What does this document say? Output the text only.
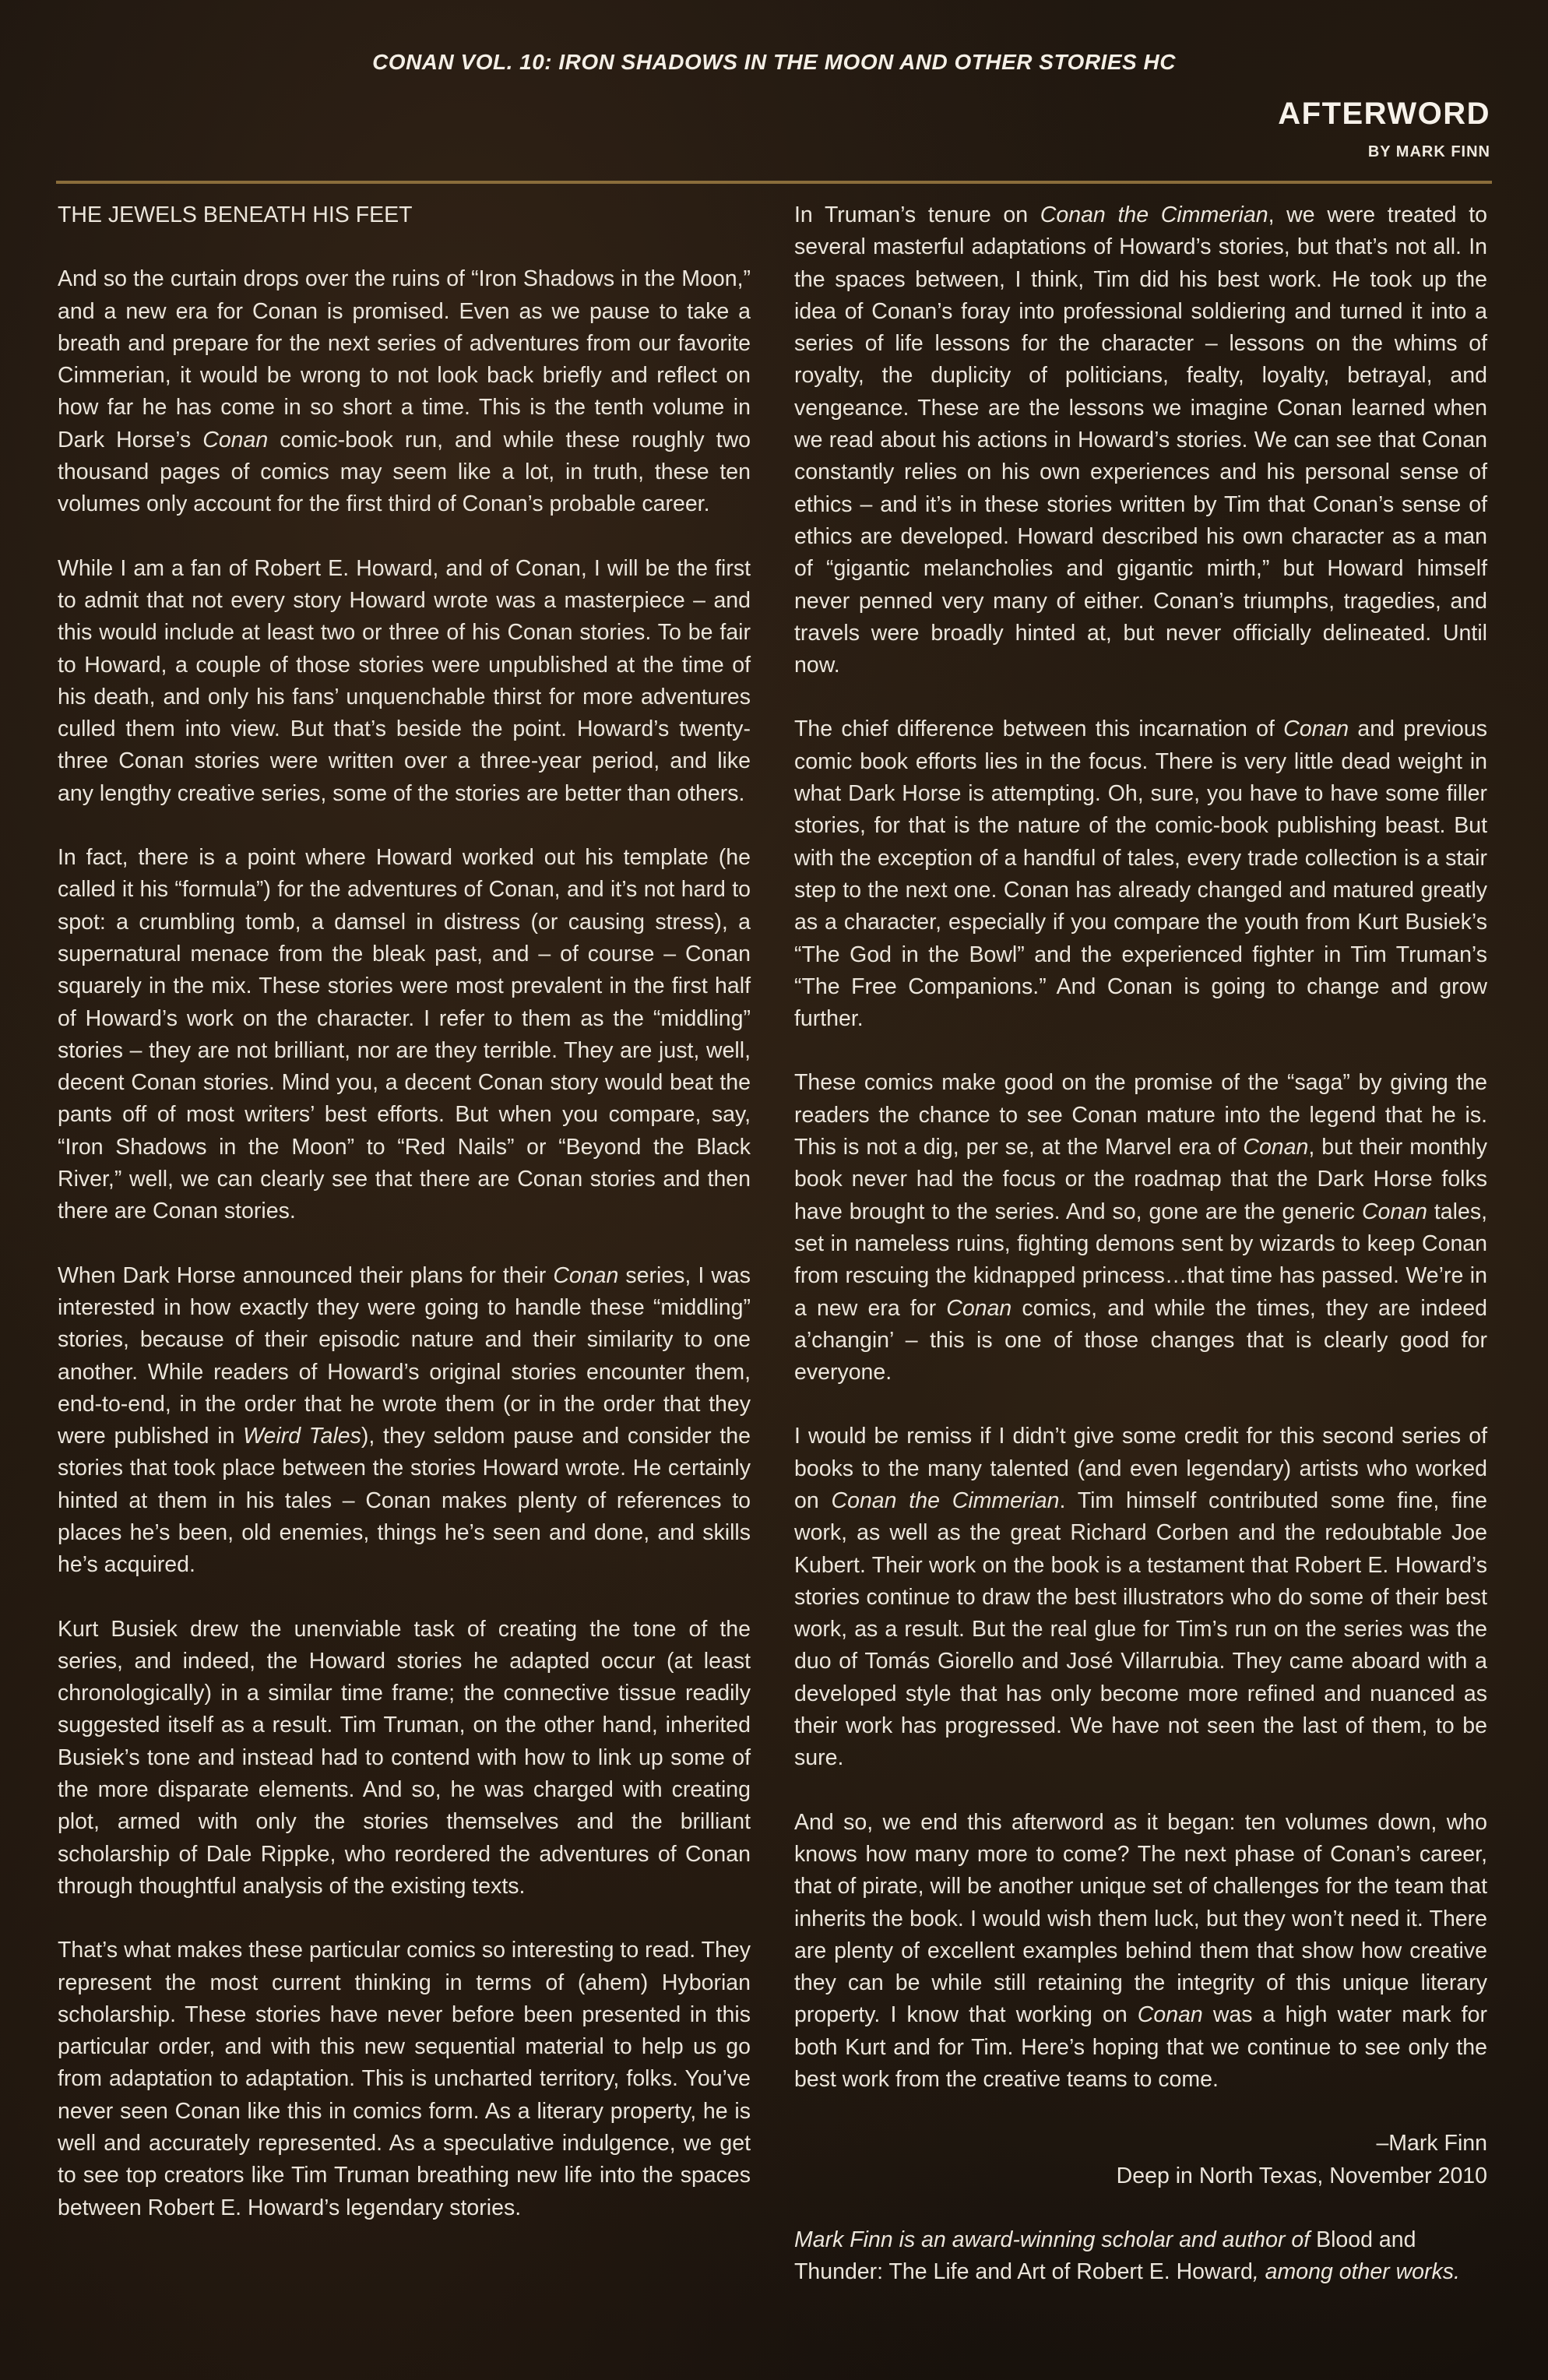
CONAN VOL. 10: IRON SHADOWS IN THE MOON AND OTHER STORIES HC
AFTERWORD
BY MARK FINN

THE JEWELS BENEATH HIS FEET

And so the curtain drops over the ruins of “Iron Shadows in the Moon,” and a new era for Conan is promised. Even as we pause to take a breath and prepare for the next series of adventures from our favorite Cimmerian, it would be wrong to not look back briefly and reflect on how far he has come in so short a time. This is the tenth volume in Dark Horse’s Conan comic-book run, and while these roughly two thousand pages of comics may seem like a lot, in truth, these ten volumes only account for the first third of Conan’s probable career.

While I am a fan of Robert E. Howard, and of Conan, I will be the first to admit that not every story Howard wrote was a masterpiece – and this would include at least two or three of his Conan stories. To be fair to Howard, a couple of those stories were unpublished at the time of his death, and only his fans’ unquenchable thirst for more adventures culled them into view. But that’s beside the point. Howard’s twenty-three Conan stories were written over a three-year period, and like any lengthy creative series, some of the stories are better than others.

In fact, there is a point where Howard worked out his template (he called it his “formula”) for the adventures of Conan, and it’s not hard to spot: a crumbling tomb, a damsel in distress (or causing stress), a supernatural menace from the bleak past, and – of course – Conan squarely in the mix. These stories were most prevalent in the first half of Howard’s work on the character. I refer to them as the “middling” stories – they are not brilliant, nor are they terrible. They are just, well, decent Conan stories. Mind you, a decent Conan story would beat the pants off of most writers’ best efforts. But when you compare, say, “Iron Shadows in the Moon” to “Red Nails” or “Beyond the Black River,” well, we can clearly see that there are Conan stories and then there are Conan stories.

When Dark Horse announced their plans for their Conan series, I was interested in how exactly they were going to handle these “middling” stories, because of their episodic nature and their similarity to one another. While readers of Howard’s original stories encounter them, end-to-end, in the order that he wrote them (or in the order that they were published in Weird Tales), they seldom pause and consider the stories that took place between the stories Howard wrote. He certainly hinted at them in his tales – Conan makes plenty of references to places he’s been, old enemies, things he’s seen and done, and skills he’s acquired.

Kurt Busiek drew the unenviable task of creating the tone of the series, and indeed, the Howard stories he adapted occur (at least chronologically) in a similar time frame; the connective tissue readily suggested itself as a result. Tim Truman, on the other hand, inherited Busiek’s tone and instead had to contend with how to link up some of the more disparate elements. And so, he was charged with creating plot, armed with only the stories themselves and the brilliant scholarship of Dale Rippke, who reordered the adventures of Conan through thoughtful analysis of the existing texts.

That’s what makes these particular comics so interesting to read. They represent the most current thinking in terms of (ahem) Hyborian scholarship. These stories have never before been presented in this particular order, and with this new sequential material to help us go from adaptation to adaptation. This is uncharted territory, folks. You’ve never seen Conan like this in comics form. As a literary property, he is well and accurately represented. As a speculative indulgence, we get to see top creators like Tim Truman breathing new life into the spaces between Robert E. Howard’s legendary stories.

In Truman’s tenure on Conan the Cimmerian, we were treated to several masterful adaptations of Howard’s stories, but that’s not all. In the spaces between, I think, Tim did his best work. He took up the idea of Conan’s foray into professional soldiering and turned it into a series of life lessons for the character – lessons on the whims of royalty, the duplicity of politicians, fealty, loyalty, betrayal, and vengeance. These are the lessons we imagine Conan learned when we read about his actions in Howard’s stories. We can see that Conan constantly relies on his own experiences and his personal sense of ethics – and it’s in these stories written by Tim that Conan’s sense of ethics are developed. Howard described his own character as a man of “gigantic melancholies and gigantic mirth,” but Howard himself never penned very many of either. Conan’s triumphs, tragedies, and travels were broadly hinted at, but never officially delineated. Until now.

The chief difference between this incarnation of Conan and previous comic book efforts lies in the focus. There is very little dead weight in what Dark Horse is attempting. Oh, sure, you have to have some filler stories, for that is the nature of the comic-book publishing beast. But with the exception of a handful of tales, every trade collection is a stair step to the next one. Conan has already changed and matured greatly as a character, especially if you compare the youth from Kurt Busiek’s “The God in the Bowl” and the experienced fighter in Tim Truman’s “The Free Companions.” And Conan is going to change and grow further.

These comics make good on the promise of the “saga” by giving the readers the chance to see Conan mature into the legend that he is. This is not a dig, per se, at the Marvel era of Conan, but their monthly book never had the focus or the roadmap that the Dark Horse folks have brought to the series. And so, gone are the generic Conan tales, set in nameless ruins, fighting demons sent by wizards to keep Conan from rescuing the kidnapped princess…that time has passed. We’re in a new era for Conan comics, and while the times, they are indeed a’changin’ – this is one of those changes that is clearly good for everyone.

I would be remiss if I didn’t give some credit for this second series of books to the many talented (and even legendary) artists who worked on Conan the Cimmerian. Tim himself contributed some fine, fine work, as well as the great Richard Corben and the redoubtable Joe Kubert. Their work on the book is a testament that Robert E. Howard’s stories continue to draw the best illustrators who do some of their best work, as a result. But the real glue for Tim’s run on the series was the duo of Tomás Giorello and José Villarrubia. They came aboard with a developed style that has only become more refined and nuanced as their work has progressed. We have not seen the last of them, to be sure.

And so, we end this afterword as it began: ten volumes down, who knows how many more to come? The next phase of Conan’s career, that of pirate, will be another unique set of challenges for the team that inherits the book. I would wish them luck, but they won’t need it. There are plenty of excellent examples behind them that show how creative they can be while still retaining the integrity of this unique literary property. I know that working on Conan was a high water mark for both Kurt and for Tim. Here’s hoping that we continue to see only the best work from the creative teams to come.

–Mark Finn
Deep in North Texas, November 2010

Mark Finn is an award-winning scholar and author of Blood and Thunder: The Life and Art of Robert E. Howard, among other works.
